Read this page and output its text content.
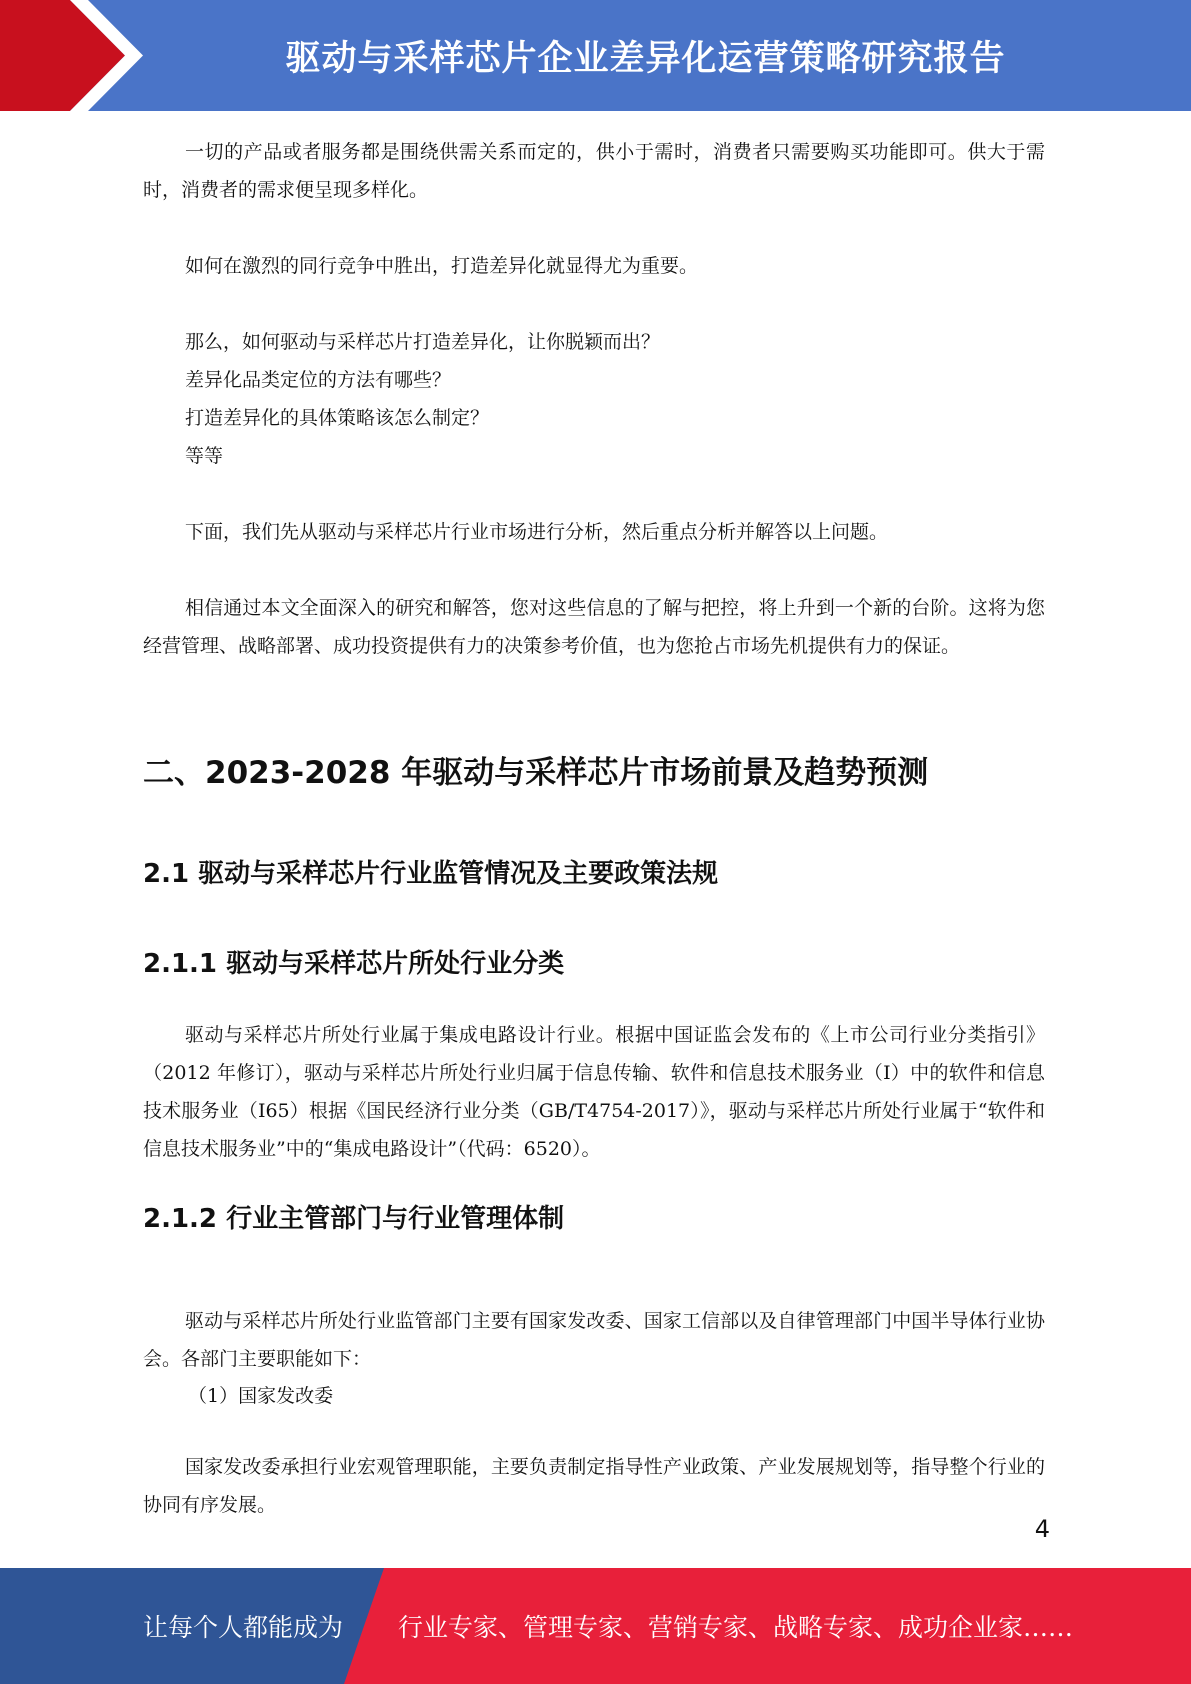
驱动与采样芯片企业差异化运营策略研究报告

一切的产品或者服务都是围绕供需关系而定的，供小于需时，消费者只需要购买功能即可。供大于需时，消费者的需求便呈现多样化。

如何在激烈的同行竞争中胜出，打造差异化就显得尤为重要。

那么，如何驱动与采样芯片打造差异化，让你脱颖而出？
差异化品类定位的方法有哪些？
打造差异化的具体策略该怎么制定？
等等

下面，我们先从驱动与采样芯片行业市场进行分析，然后重点分析并解答以上问题。

相信通过本文全面深入的研究和解答，您对这些信息的了解与把控，将上升到一个新的台阶。这将为您经营管理、战略部署、成功投资提供有力的决策参考价值，也为您抢占市场先机提供有力的保证。

二、2023-2028 年驱动与采样芯片市场前景及趋势预测
2.1 驱动与采样芯片行业监管情况及主要政策法规
2.1.1 驱动与采样芯片所处行业分类

驱动与采样芯片所处行业属于集成电路设计行业。根据中国证监会发布的《上市公司行业分类指引》（2012 年修订），驱动与采样芯片所处行业归属于信息传输、软件和信息技术服务业（I）中的软件和信息技术服务业（I65）根据《国民经济行业分类（GB/T4754-2017）》，驱动与采样芯片所处行业属于“软件和信息技术服务业”中的“集成电路设计”（代码：6520）。

2.1.2 行业主管部门与行业管理体制

驱动与采样芯片所处行业监管部门主要有国家发改委、国家工信部以及自律管理部门中国半导体行业协会。各部门主要职能如下：

（1）国家发改委

国家发改委承担行业宏观管理职能，主要负责制定指导性产业政策、产业发展规划等，指导整个行业的协同有序发展。

4
让每个人都能成为 行业专家、管理专家、营销专家、战略专家、成功企业家……
